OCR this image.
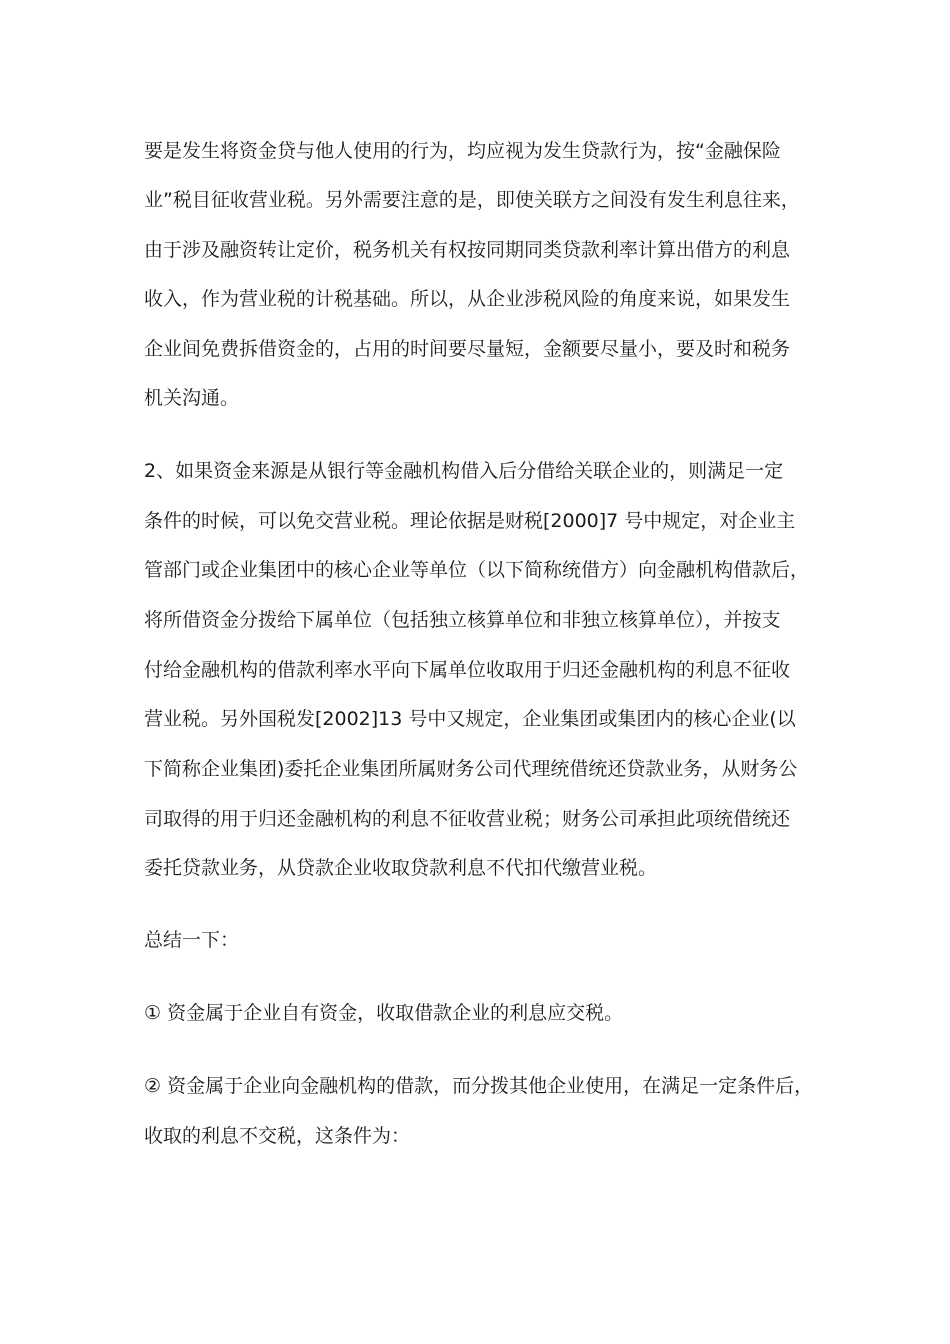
要是发生将资金贷与他人使用的行为，均应视为发生贷款行为，按“金融保险
业”税目征收营业税。另外需要注意的是，即使关联方之间没有发生利息往来，
由于涉及融资转让定价，税务机关有权按同期同类贷款利率计算出借方的利息
收入，作为营业税的计税基础。所以，从企业涉税风险的角度来说，如果发生
企业间免费拆借资金的，占用的时间要尽量短，金额要尽量小，要及时和税务
机关沟通。
2、如果资金来源是从银行等金融机构借入后分借给关联企业的，则满足一定
条件的时候，可以免交营业税。理论依据是财税[2000]7 号中规定，对企业主
管部门或企业集团中的核心企业等单位（以下简称统借方）向金融机构借款后，
将所借资金分拨给下属单位（包括独立核算单位和非独立核算单位），并按支
付给金融机构的借款利率水平向下属单位收取用于归还金融机构的利息不征收
营业税。另外国税发[2002]13 号中又规定，企业集团或集团内的核心企业(以
下简称企业集团)委托企业集团所属财务公司代理统借统还贷款业务，从财务公
司取得的用于归还金融机构的利息不征收营业税；财务公司承担此项统借统还
委托贷款业务，从贷款企业收取贷款利息不代扣代缴营业税。
总结一下：
① 资金属于企业自有资金，收取借款企业的利息应交税。
② 资金属于企业向金融机构的借款，而分拨其他企业使用，在满足一定条件后，
收取的利息不交税，这条件为：
